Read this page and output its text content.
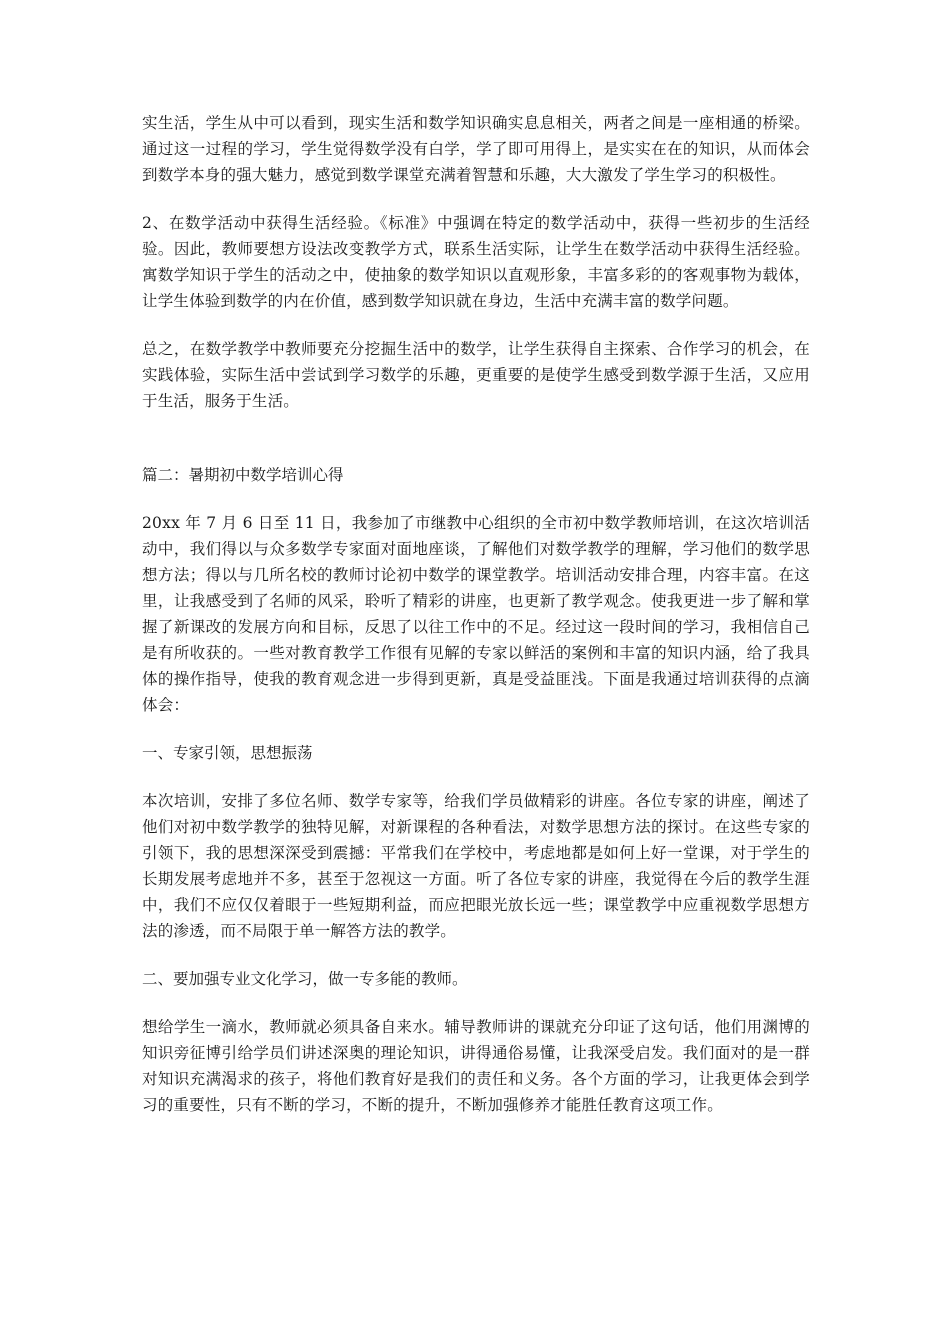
实生活，学生从中可以看到，现实生活和数学知识确实息息相关，两者之间是一座相通的桥梁。通过这一过程的学习，学生觉得数学没有白学，学了即可用得上，是实实在在的知识，从而体会到数学本身的强大魅力，感觉到数学课堂充满着智慧和乐趣，大大激发了学生学习的积极性。

2、在数学活动中获得生活经验。《标准》中强调在特定的数学活动中，获得一些初步的生活经验。因此，教师要想方设法改变教学方式，联系生活实际，让学生在数学活动中获得生活经验。寓数学知识于学生的活动之中，使抽象的数学知识以直观形象，丰富多彩的的客观事物为载体，让学生体验到数学的内在价值，感到数学知识就在身边，生活中充满丰富的数学问题。

总之，在数学教学中教师要充分挖掘生活中的数学，让学生获得自主探索、合作学习的机会，在实践体验，实际生活中尝试到学习数学的乐趣，更重要的是使学生感受到数学源于生活，又应用于生活，服务于生活。

篇二：暑期初中数学培训心得

20xx 年 7 月 6 日至 11 日，我参加了市继教中心组织的全市初中数学教师培训，在这次培训活动中，我们得以与众多数学专家面对面地座谈，了解他们对数学教学的理解，学习他们的数学思想方法；得以与几所名校的教师讨论初中数学的课堂教学。培训活动安排合理，内容丰富。在这里，让我感受到了名师的风采，聆听了精彩的讲座，也更新了教学观念。使我更进一步了解和掌握了新课改的发展方向和目标，反思了以往工作中的不足。经过这一段时间的学习，我相信自己是有所收获的。一些对教育教学工作很有见解的专家以鲜活的案例和丰富的知识内涵，给了我具体的操作指导，使我的教育观念进一步得到更新，真是受益匪浅。下面是我通过培训获得的点滴体会：

一、专家引领，思想振荡

本次培训，安排了多位名师、数学专家等，给我们学员做精彩的讲座。各位专家的讲座，阐述了他们对初中数学教学的独特见解，对新课程的各种看法，对数学思想方法的探讨。在这些专家的引领下，我的思想深深受到震撼：平常我们在学校中，考虑地都是如何上好一堂课，对于学生的长期发展考虑地并不多，甚至于忽视这一方面。听了各位专家的讲座，我觉得在今后的教学生涯中，我们不应仅仅着眼于一些短期利益，而应把眼光放长远一些；课堂教学中应重视数学思想方法的渗透，而不局限于单一解答方法的教学。

二、要加强专业文化学习，做一专多能的教师。

想给学生一滴水，教师就必须具备自来水。辅导教师讲的课就充分印证了这句话，他们用渊博的知识旁征博引给学员们讲述深奥的理论知识，讲得通俗易懂，让我深受启发。我们面对的是一群对知识充满渴求的孩子，将他们教育好是我们的责任和义务。各个方面的学习，让我更体会到学习的重要性，只有不断的学习，不断的提升，不断加强修养才能胜任教育这项工作。
